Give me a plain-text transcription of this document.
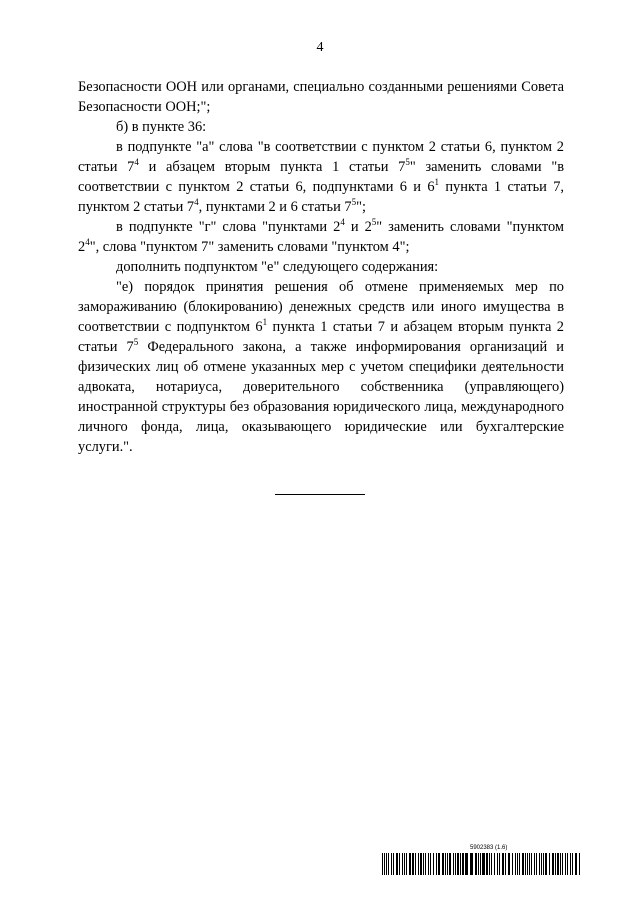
4

Безопасности ООН или органами, специально созданными решениями Совета Безопасности ООН;";

б) в пункте 36:

в подпункте "а" слова "в соответствии с пунктом 2 статьи 6, пунктом 2 статьи $7^4$ и абзацем вторым пункта 1 статьи $7^5$" заменить словами "в соответствии с пунктом 2 статьи 6, подпунктами 6 и $6^1$ пункта 1 статьи 7, пунктом 2 статьи $7^4$, пунктами 2 и 6 статьи $7^5$";

в подпункте "г" слова "пунктами $2^4$ и $2^5$" заменить словами "пунктом $2^4$", слова "пунктом 7" заменить словами "пунктом 4";

дополнить подпунктом "е" следующего содержания:

"е) порядок принятия решения об отмене применяемых мер по замораживанию (блокированию) денежных средств или иного имущества в соответствии с подпунктом $6^1$ пункта 1 статьи 7 и абзацем вторым пункта 2 статьи $7^5$ Федерального закона, а также информирования организаций и физических лиц об отмене указанных мер с учетом специфики деятельности адвоката, нотариуса, доверительного собственника (управляющего) иностранной структуры без образования юридического лица, международного личного фонда, лица, оказывающего юридические или бухгалтерские услуги.".

5902383 (1.6)
